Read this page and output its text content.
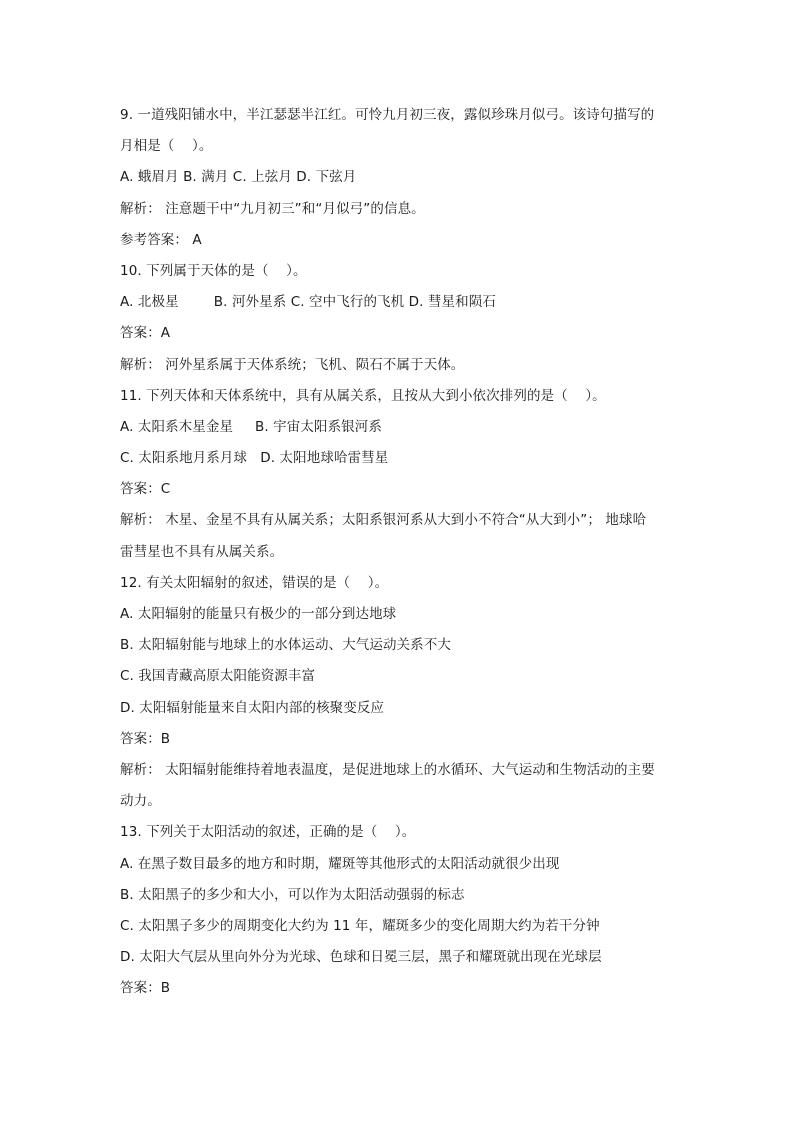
9. 一道残阳铺水中，半江瑟瑟半江红。可怜九月初三夜，露似珍珠月似弓。该诗句描写的
月相是（    ）。
A. 蛾眉月 B. 满月 C. 上弦月 D. 下弦月
解析： 注意题干中“九月初三”和“月似弓”的信息。
参考答案： A
10. 下列属于天体的是（    ）。
A. 北极星        B. 河外星系 C. 空中飞行的飞机 D. 彗星和陨石
答案：A
解析： 河外星系属于天体系统；飞机、陨石不属于天体。
11. 下列天体和天体系统中，具有从属关系，且按从大到小依次排列的是（    ）。
A. 太阳系木星金星     B. 宇宙太阳系银河系
C. 太阳系地月系月球   D. 太阳地球哈雷彗星
答案：C
解析： 木星、金星不具有从属关系；太阳系银河系从大到小不符合“从大到小”； 地球哈
雷彗星也不具有从属关系。
12. 有关太阳辐射的叙述，错误的是（    ）。
A. 太阳辐射的能量只有极少的一部分到达地球
B. 太阳辐射能与地球上的水体运动、大气运动关系不大
C. 我国青藏高原太阳能资源丰富
D. 太阳辐射能量来自太阳内部的核聚变反应
答案：B
解析： 太阳辐射能维持着地表温度，是促进地球上的水循环、大气运动和生物活动的主要
动力。
13. 下列关于太阳活动的叙述，正确的是（    ）。
A. 在黑子数目最多的地方和时期，耀斑等其他形式的太阳活动就很少出现
B. 太阳黑子的多少和大小，可以作为太阳活动强弱的标志
C. 太阳黑子多少的周期变化大约为 11 年，耀斑多少的变化周期大约为若干分钟
D. 太阳大气层从里向外分为光球、色球和日冕三层，黑子和耀斑就出现在光球层
答案：B
